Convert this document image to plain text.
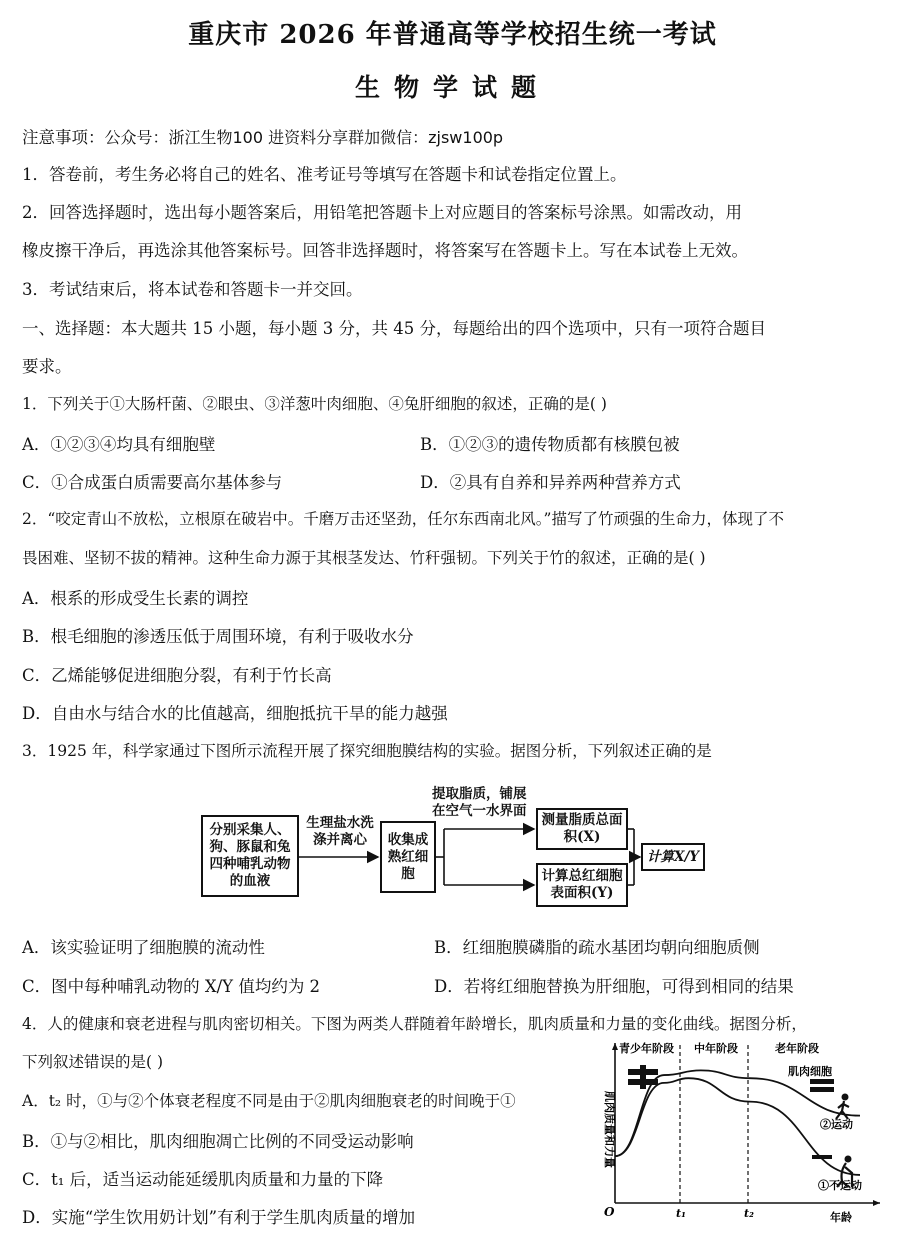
重庆市 2026 年普通高等学校招生统一考试
生物学试题
注意事项：公众号：浙江生物100 进资料分享群加微信：zjsw100p
1．答卷前，考生务必将自己的姓名、准考证号等填写在答题卡和试卷指定位置上。
2．回答选择题时，选出每小题答案后，用铅笔把答题卡上对应题目的答案标号涂黑。如需改动，用
橡皮擦干净后，再选涂其他答案标号。回答非选择题时，将答案写在答题卡上。写在本试卷上无效。
3．考试结束后，将本试卷和答题卡一并交回。
一、选择题：本大题共 15 小题，每小题 3 分，共 45 分，每题给出的四个选项中，只有一项符合题目
要求。
1．下列关于①大肠杆菌、②眼虫、③洋葱叶肉细胞、④兔肝细胞的叙述，正确的是( )
A．①②③④均具有细胞壁	B．①②③的遗传物质都有核膜包被
C．①合成蛋白质需要高尔基体参与	D．②具有自养和异养两种营养方式
2．“咬定青山不放松，立根原在破岩中。千磨万击还坚劲，任尔东西南北风。”描写了竹顽强的生命力，体现了不
畏困难、坚韧不拔的精神。这种生命力源于其根茎发达、竹秆强韧。下列关于竹的叙述，正确的是( )
A．根系的形成受生长素的调控
B．根毛细胞的渗透压低于周围环境，有利于吸收水分
C．乙烯能够促进细胞分裂，有利于竹长高
D．自由水与结合水的比值越高，细胞抵抗干旱的能力越强
3．1925 年，科学家通过下图所示流程开展了探究细胞膜结构的实验。据图分析，下列叙述正确的是
分别采集人、狗、豚鼠和兔四种哺乳动物的血液
生理盐水洗涤并离心	收集成熟红细胞
提取脂质，铺展
在空气一水界面
测量脂质总面积(X)
计算总红细胞表面积(Y)
计算X/Y
A．该实验证明了细胞膜的流动性	B．红细胞膜磷脂的疏水基团均朝向细胞质侧
C．图中每种哺乳动物的 X/Y 值均约为 2	D．若将红细胞替换为肝细胞，可得到相同的结果
4．人的健康和衰老进程与肌肉密切相关。下图为两类人群随着年龄增长，肌肉质量和力量的变化曲线。据图分析，
下列叙述错误的是( )
A．t₂ 时，①与②个体衰老程度不同是由于②肌肉细胞衰老的时间晚于①
B．①与②相比，肌肉细胞凋亡比例的不同受运动影响
C．t₁ 后，适当运动能延缓肌肉质量和力量的下降
D．实施“学生饮用奶计划”有利于学生肌肉质量的增加
青少年阶段 中年阶段	老年阶段
肌肉质量和力量
年龄
O	t₁	t₂
肌肉细胞
②运动
①不运动
